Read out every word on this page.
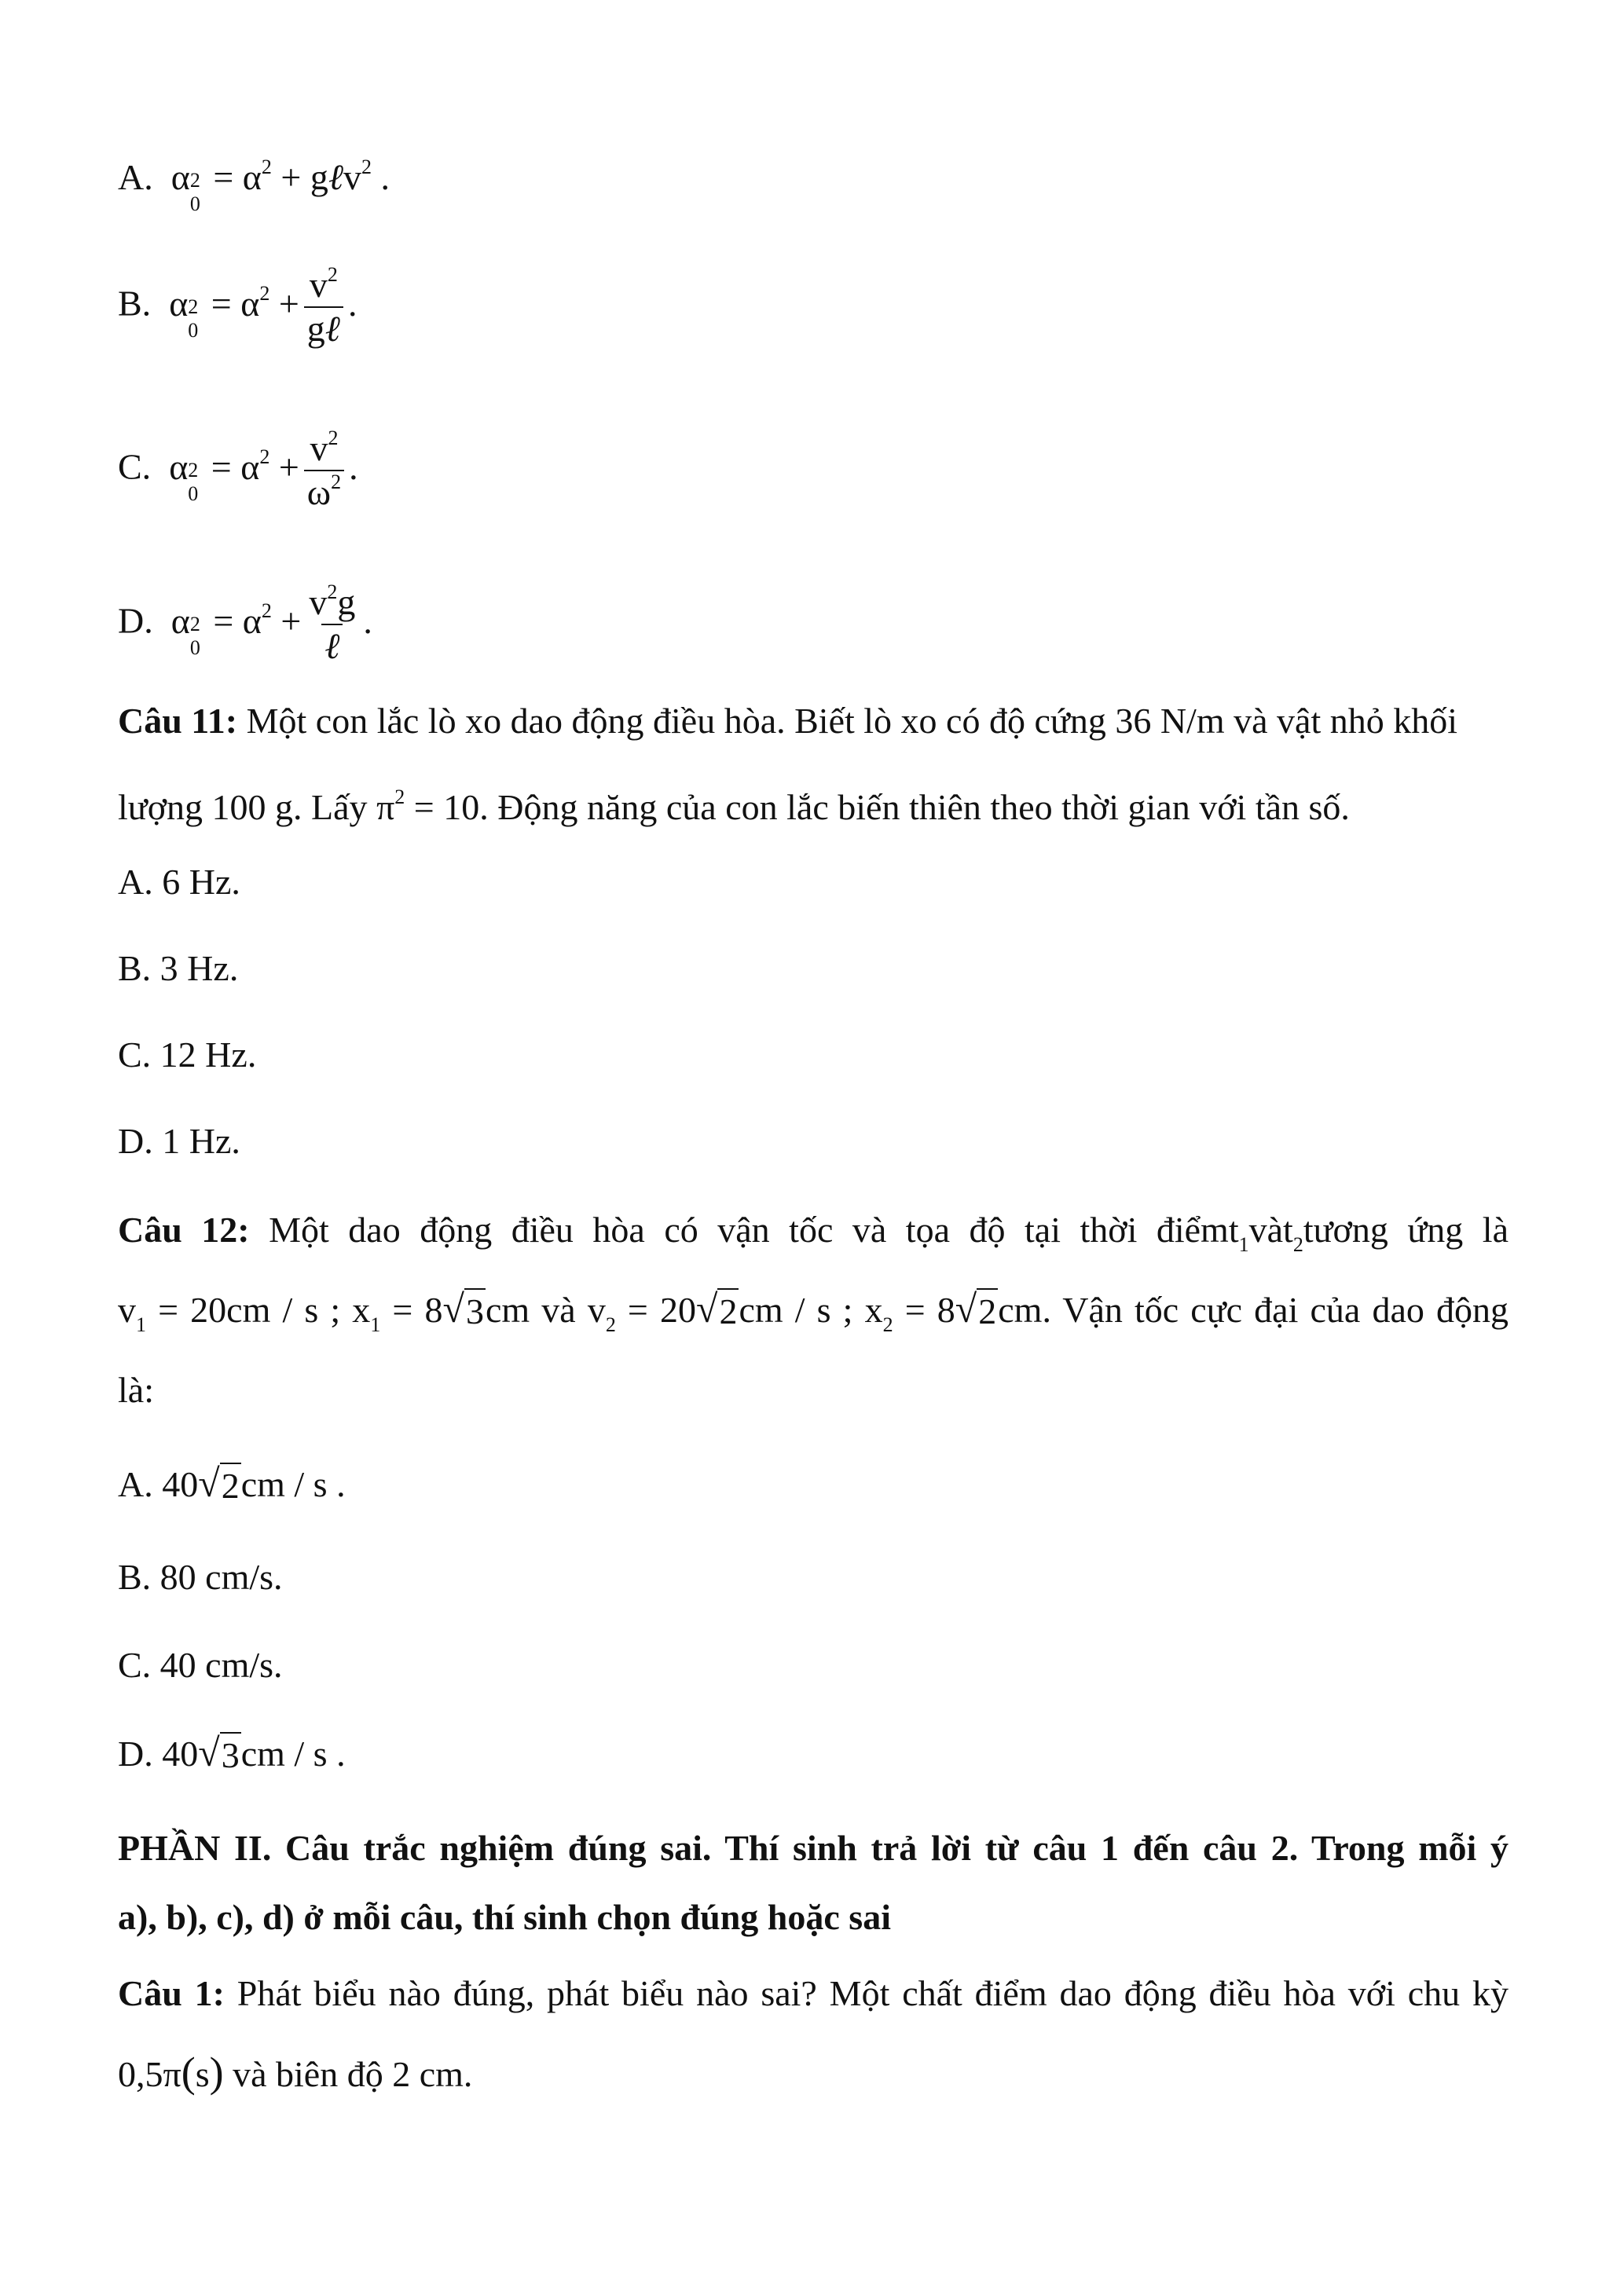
A.  α 2
0
= $\alpha^2$ + gℓv$^2$ .
B.  α 2
0
= $\alpha^2 + \frac{v^2}{\text{gℓ}}$ .
C.  α 2
0
= $\alpha^2 + \frac{v^2}{\omega^2}$ .
D.  α 2
0
= $\alpha^2 + \frac{v^2g}{\text{ℓ}}$ .
Câu 11: Một con lắc lò xo dao động điều hòa. Biết lò xo có độ cứng 36 N/m và vật nhỏ khối
lượng 100 g. Lấy $\pi^2 = 10$. Động năng của con lắc biến thiên theo thời gian với tần số.
A. 6 Hz.
B. 3 Hz.
C. 12 Hz.
D. 1 Hz.
Câu 12: Một dao động điều hòa có vận tốc và tọa độ tại thời điểmt$_1$vàt$_2$tương ứng là
$v_1 = 20cm / s$ ; $x_1 = 8$ √ 3 cm và $v_2 = 20$ √ 2 cm / s ; $x_2 = 8$ √ 2 cm. Vận tốc cực đại của dao động
là:
A. 40 √ 2 cm / s .
B. 80 cm/s.
C. 40 cm/s.
D. 40 √ 3 cm / s .
PHẦN II. Câu trắc nghiệm đúng sai. Thí sinh trả lời từ câu 1 đến câu 2. Trong mỗi ý
a), b), c), d) ở mỗi câu, thí sinh chọn đúng hoặc sai
Câu 1: Phát biểu nào đúng, phát biểu nào sai? Một chất điểm dao động điều hòa với chu kỳ
0,5π(s) và biên độ 2 cm.
